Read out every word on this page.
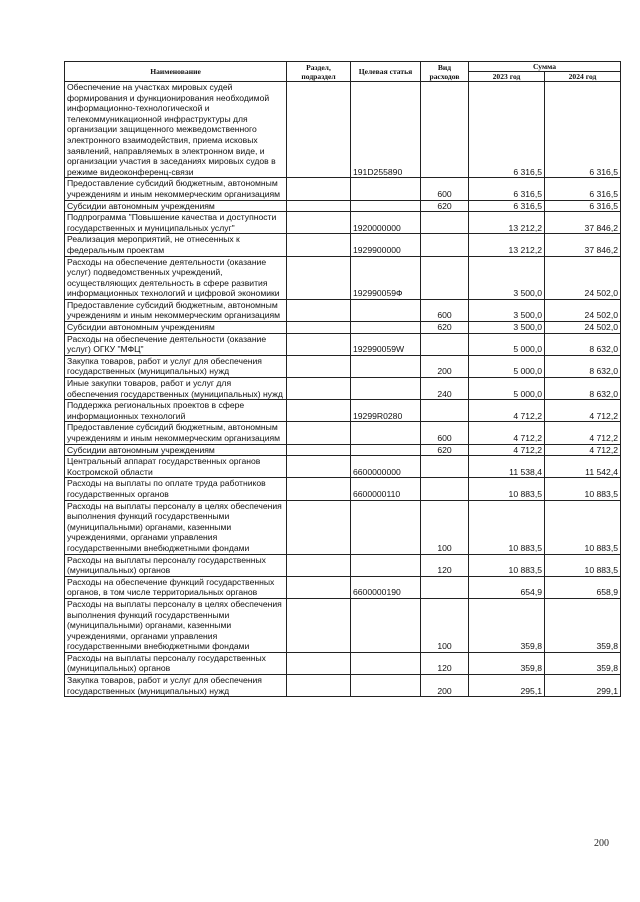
Наименование	Раздел, подраздел	Целевая статья	Вид расходов	Сумма	
				2023 год	2024 год
Обеспечение на участках мировых судей формирования и функционирования необходимой информационно-технологической и телекоммуникационной инфраструктуры для организации защищенного межведомственного электронного взаимодействия, приема исковых заявлений, направляемых в электронном виде, и организации участия в заседаниях мировых судов в режиме видеоконференц-связи		191D255890		6 316,5	6 316,5
Предоставление субсидий бюджетным, автономным учреждениям и иным некоммерческим организациям			600	6 316,5	6 316,5
Субсидии автономным учреждениям			620	6 316,5	6 316,5
Подпрограмма "Повышение качества и доступности государственных и муниципальных услуг"		1920000000		13 212,2	37 846,2
Реализация мероприятий, не отнесенных к федеральным проектам		1929900000		13 212,2	37 846,2
Расходы на обеспечение деятельности (оказание услуг) подведомственных учреждений, осуществляющих деятельность в сфере развития информационных технологий и цифровой экономики		192990059Ф		3 500,0	24 502,0
Предоставление субсидий бюджетным, автономным учреждениям и иным некоммерческим организациям			600	3 500,0	24 502,0
Субсидии автономным учреждениям			620	3 500,0	24 502,0
Расходы на обеспечение деятельности (оказание услуг) ОГКУ "МФЦ"		192990059W		5 000,0	8 632,0
Закупка товаров, работ и услуг для обеспечения государственных (муниципальных) нужд			200	5 000,0	8 632,0
Иные закупки товаров, работ и услуг для обеспечения государственных (муниципальных) нужд			240	5 000,0	8 632,0
Поддержка региональных проектов в сфере информационных технологий		19299R0280		4 712,2	4 712,2
Предоставление субсидий бюджетным, автономным учреждениям и иным некоммерческим организациям			600	4 712,2	4 712,2
Субсидии автономным учреждениям			620	4 712,2	4 712,2
Центральный аппарат государственных органов Костромской области		6600000000		11 538,4	11 542,4
Расходы на выплаты по оплате труда работников государственных органов		6600000110		10 883,5	10 883,5
Расходы на выплаты персоналу в целях обеспечения выполнения функций государственными (муниципальными) органами, казенными учреждениями, органами управления государственными внебюджетными фондами			100	10 883,5	10 883,5
Расходы на выплаты персоналу государственных (муниципальных) органов			120	10 883,5	10 883,5
Расходы на обеспечение функций государственных органов, в том числе территориальных органов		6600000190		654,9	658,9
Расходы на выплаты персоналу в целях обеспечения выполнения функций государственными (муниципальными) органами, казенными учреждениями, органами управления государственными внебюджетными фондами			100	359,8	359,8
Расходы на выплаты персоналу государственных (муниципальных) органов			120	359,8	359,8
Закупка товаров, работ и услуг для обеспечения государственных (муниципальных) нужд			200	295,1	299,1
200
